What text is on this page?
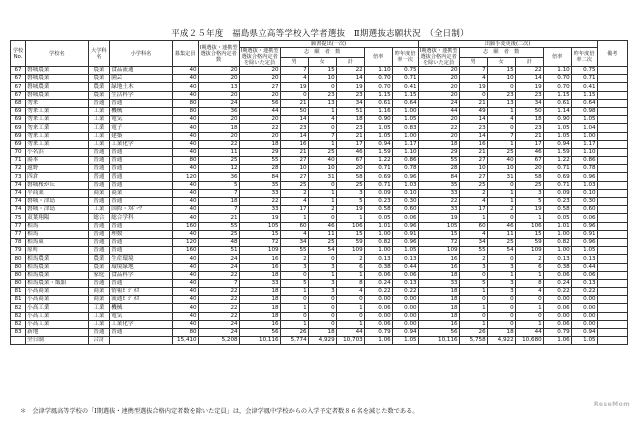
平成２５年度　福島県立高等学校入学者選抜　Ⅱ期選抜志願状況　（全日制）
学校No.	学校名	大学科名	小学科名	募集定員	Ⅰ期選抜・連携型選抜合格内定者数	願書提出(一次)						出願手変更後(二次)						備考
						Ⅰ期選抜・連携型選抜合格内定者を除いた定員	志　願　者　数			倍率	昨年度倍率一次	Ⅰ期選抜・連携型選抜合格内定者を除いた定員	志　願　者　数			倍率	昨年度倍率二次	
							男	女	計				男	女	計			
67	磐城農業	農業	食品流通	40	20	20	7	15	22	1.10	0.75	20	7	15	22	1.10	0.75	
67	磐城農業	農業	園芸	40	20	20	4	10	14	0.70	0.71	20	4	10	14	0.70	0.71	
67	磐城農業	農業	緑地土木	40	13	27	19	0	19	0.70	0.41	20	19	0	19	0.70	0.41	
67	磐城農業	農業	生活科学	40	20	20	0	23	23	1.15	1.15	20	0	23	23	1.15	1.15	
68	勿来	普通	普通	80	24	56	21	13	34	0.61	0.64	24	21	13	34	0.61	0.64	
69	勿来工業	工業	機械	80	36	44	50	1	51	1.16	1.00	44	49	1	50	1.14	0.98	
69	勿来工業	工業	電気	40	20	20	14	4	18	0.90	1.05	20	14	4	18	0.90	1.05	
69	勿来工業	工業	電子	40	18	22	23	0	23	1.05	0.83	22	23	0	23	1.05	1.04	
69	勿来工業	工業	建築	40	20	20	14	7	21	1.05	1.00	20	14	7	21	1.05	1.00	
69	勿来工業	工業	工業化学	40	22	18	16	1	17	0.94	1.17	18	16	1	17	0.94	1.17	
70	小名浜	普通	普通	40	11	29	21	25	46	1.59	1.10	29	21	25	46	1.59	1.10	
71	湯本	普通	普通	80	25	55	27	40	67	1.22	0.86	55	27	40	67	1.22	0.86	
72	遠野	普通	普通	40	12	28	10	10	20	0.71	0.78	28	10	10	20	0.71	0.78	
73	四倉	普通	普通	120	36	84	27	31	58	0.69	0.96	84	27	31	58	0.69	0.96	
74	磐城桜が丘	普通	普通	40	5	35	25	0	25	0.71	1.03	35	25	0	25	0.71	1.03	
74	平商業	商業	商業	40	7	33	2	1	3	0.09	0.10	33	2	1	3	0.09	0.10	
74	磐城・津島	普通	普通	40	18	22	4	1	5	0.23	0.30	22	4	1	5	0.23	0.30	
74	磐城・津島	工業	国際・ｽﾎﾟｰﾂ	40	7	33	17	2	19	0.58	0.60	33	17	2	19	0.58	0.60	
75	双葉翔陽	総合	総合学科	40	21	19	1	0	1	0.05	0.06	19	1	0	1	0.05	0.06	
77	相馬	普通	普通	160	55	105	60	46	106	1.01	0.96	105	60	46	106	1.01	0.96	
77	相馬	普通	理数	40	25	15	4	11	15	1.00	0.91	15	4	11	15	1.00	0.91	
78	相馬東	普通	普通	120	48	72	34	25	59	0.82	0.96	72	34	25	59	0.82	0.96	
79	原町	普通	普通	160	51	109	55	54	109	1.00	1.05	109	55	54	109	1.00	1.05	
80	相馬農業	農業	生産環境	40	24	16	2	0	2	0.13	0.13	16	2	0	2	0.13	0.13	
80	相馬農業	農業	環境緑地	40	24	16	3	3	6	0.38	0.44	16	3	3	6	0.38	0.44	
80	相馬農業	家庭	食品科学	40	22	18	0	1	1	0.06	0.06	18	0	1	1	0.06	0.06	
80	相馬農業・飯舘	普通	普通	40	7	33	5	3	8	0.24	0.13	33	5	3	8	0.24	0.13	
81	小高商業	商業	情報ﾋﾞｼﾞﾈｽ	40	22	18	1	3	4	0.22	0.22	18	1	3	4	0.22	0.22	
81	小高商業	商業	流通ﾋﾞｼﾞﾈｽ	40	22	18	0	0	0	0.00	0.00	18	0	0	0	0.00	0.00	
82	小高工業	工業	機械	40	22	18	1	0	1	0.06	0.00	18	1	0	1	0.06	0.00	
82	小高工業	工業	電気	40	22	18	0	0	0	0.00	0.00	18	0	0	0	0.00	0.00	
82	小高工業	工業	工業化学	40	24	16	1	0	1	0.06	0.00	16	1	0	1	0.06	0.00	
83	新地	普通	普通	80	24	56	26	18	44	0.79	0.94	56	26	18	44	0.79	0.94	
	全日制	合計		15,410	5,208	10,116	5,774	4,929	10,703	1.06	1.05	10,116	5,758	4,922	10,680	1.06	1.05	
＊　会津学鳳高等学校の「Ⅰ期選抜・連携型選抜合格内定者数を除いた定員」は，会津学鳳中学校からの入学予定者数８６名を減じた数である。
$^{ReseMom}$
